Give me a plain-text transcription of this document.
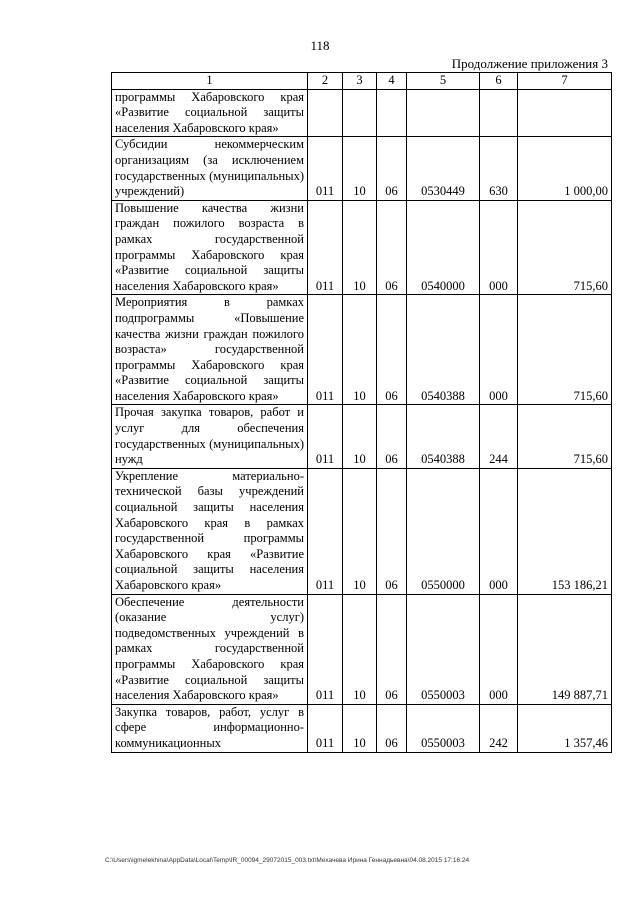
118
Продолжение приложения 3
1	2	3	4	5	6	7
программы Хабаровского края «Развитие социальной защиты населения Хабаровского края»						
Субсидии некоммерческим организациям (за исключением государственных (муниципальных) учреждений)	011	10	06	0530449	630	1 000,00
Повышение качества жизни граждан пожилого возраста в рамках государственной программы Хабаровского края «Развитие социальной защиты населения Хабаровского края»	011	10	06	0540000	000	715,60
Мероприятия в рамках подпрограммы «Повышение качества жизни граждан пожилого возраста» государственной программы Хабаровского края «Развитие социальной защиты населения Хабаровского края»	011	10	06	0540388	000	715,60
Прочая закупка товаров, работ и услуг для обеспечения государственных (муниципальных) нужд	011	10	06	0540388	244	715,60
Укрепление материально-технической базы учреждений социальной защиты населения Хабаровского края в рамках государственной программы Хабаровского края «Развитие социальной защиты населения Хабаровского края»	011	10	06	0550000	000	153 186,21
Обеспечение деятельности (оказание услуг) подведомственных учреждений в рамках государственной программы Хабаровского края «Развитие социальной защиты населения Хабаровского края»	011	10	06	0550003	000	149 887,71
Закупка товаров, работ, услуг в сфере информационно-коммуникационных	011	10	06	0550003	242	1 357,46
C:\Users\igmelekhina\AppData\Local\Temp\IR_00094_29072015_003.txt\Мехачева Ирина Геннадьевна\04.08.2015 17:16:24
